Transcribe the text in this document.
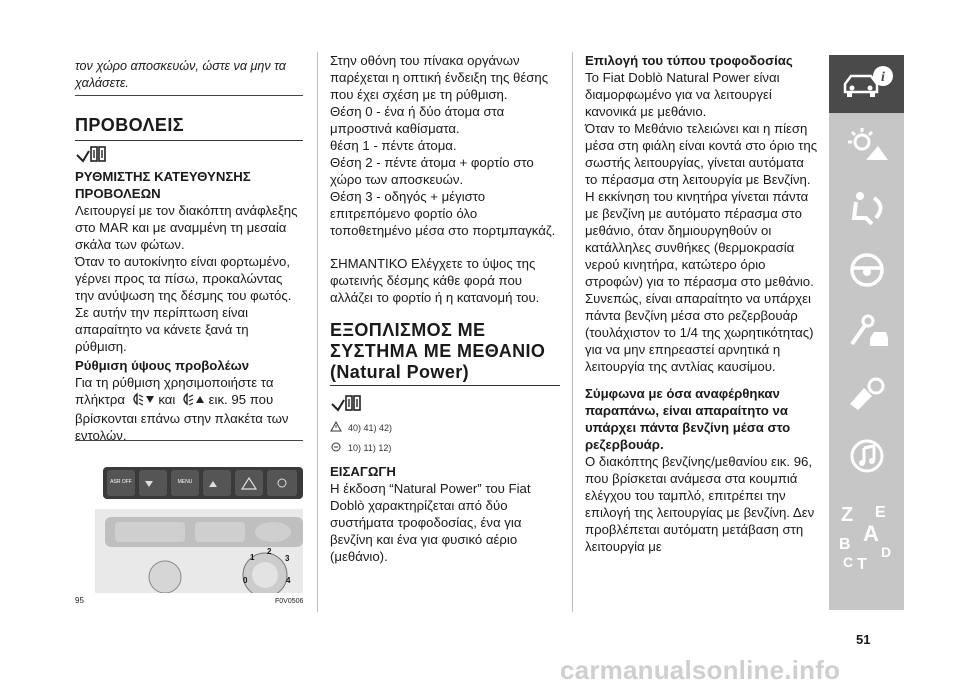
τον χώρο αποσκευών, ώστε να μην τα χαλάσετε.

ΠΡΟΒΟΛΕΙΣ
ΡΥΘΜΙΣΤΗΣ ΚΑΤΕΥΘΥΝΣΗΣ ΠΡΟΒΟΛΕΩΝ

Λειτουργεί με τον διακόπτη ανάφλεξης στο MAR και με αναμμένη τη μεσαία σκάλα των φώτων.

Όταν το αυτοκίνητο είναι φορτωμένο, γέρνει προς τα πίσω, προκαλώντας την ανύψωση της δέσμης του φωτός. Σε αυτήν την περίπτωση είναι απαραίτητο να κάνετε ξανά τη ρύθμιση.

Ρύθμιση ύψους προβολέων

Για τη ρύθμιση χρησιμοποιήστε τα πλήκτρα	και	εικ. 95 που βρίσκονται επάνω στην πλακέτα των εντολών.

ASR OFF	MENU
1
2
3
4
0
95	F0V0506

Στην οθόνη του πίνακα οργάνων παρέχεται η οπτική ένδειξη της θέσης που έχει σχέση με τη ρύθμιση.

Θέση 0 - ένα ή δύο άτομα στα μπροστινά καθίσματα.

θέση 1 - πέντε άτομα.

Θέση 2 - πέντε άτομα + φορτίο στο χώρο των αποσκευών.

Θέση 3 - οδηγός + μέγιστο επιτρεπόμενο φορτίο όλο τοποθετημένο μέσα στο πορτμπαγκάζ.

ΣΗΜΑΝΤΙΚΟ Ελέγχετε το ύψος της φωτεινής δέσμης κάθε φορά που αλλάζει το φορτίο ή η κατανομή του.

ΕΞΟΠΛΙΣΜΟΣ ΜΕ ΣΥΣΤΗΜΑ ΜΕ ΜΕΘΑΝΙΟ (Natural Power)
40) 41) 42)
10) 11) 12)
ΕΙΣΑΓΩΓΗ

Η έκδοση “Natural Power” του Fiat Doblò χαρακτηρίζεται από δύο συστήματα τροφοδοσίας, ένα για βενζίνη και ένα για φυσικό αέριο (μεθάνιο).

Επιλογή του τύπου τροφοδοσίας

Το Fiat Doblò Natural Power είναι διαμορφωμένο για να λειτουργεί κανονικά με μεθάνιο.

Όταν το Μεθάνιο τελειώνει και η πίεση μέσα στη φιάλη είναι κοντά στο όριο της σωστής λειτουργίας, γίνεται αυτόματα το πέρασμα στη λειτουργία με Βενζίνη.

Η εκκίνηση του κινητήρα γίνεται πάντα με βενζίνη με αυτόματο πέρασμα στο μεθάνιο, όταν δημιουργηθούν οι κατάλληλες συνθήκες (θερμοκρασία νερού κινητήρα, κατώτερο όριο στροφών) για το πέρασμα στο μεθάνιο.

Συνεπώς, είναι απαραίτητο να υπάρχει πάντα βενζίνη μέσα στο ρεζερβουάρ (τουλάχιστον το 1/4 της χωρητικότητας) για να μην επηρεαστεί αρνητικά η λειτουργία της αντλίας καυσίμου.

Σύμφωνα με όσα αναφέρθηκαν παραπάνω, είναι απαραίτητο να υπάρχει πάντα βενζίνη μέσα στο ρεζερβουάρ.

Ο διακόπτης βενζίνης/μεθανίου εικ. 96, που βρίσκεται ανάμεσα στα κουμπιά ελέγχου του ταμπλό, επιτρέπει την επιλογή της λειτουργίας με βενζίνη. Δεν προβλέπεται αυτόματη μετάβαση στη λειτουργία με

i
Z E
A
B
C T
D
51
carmanualsonline.info
